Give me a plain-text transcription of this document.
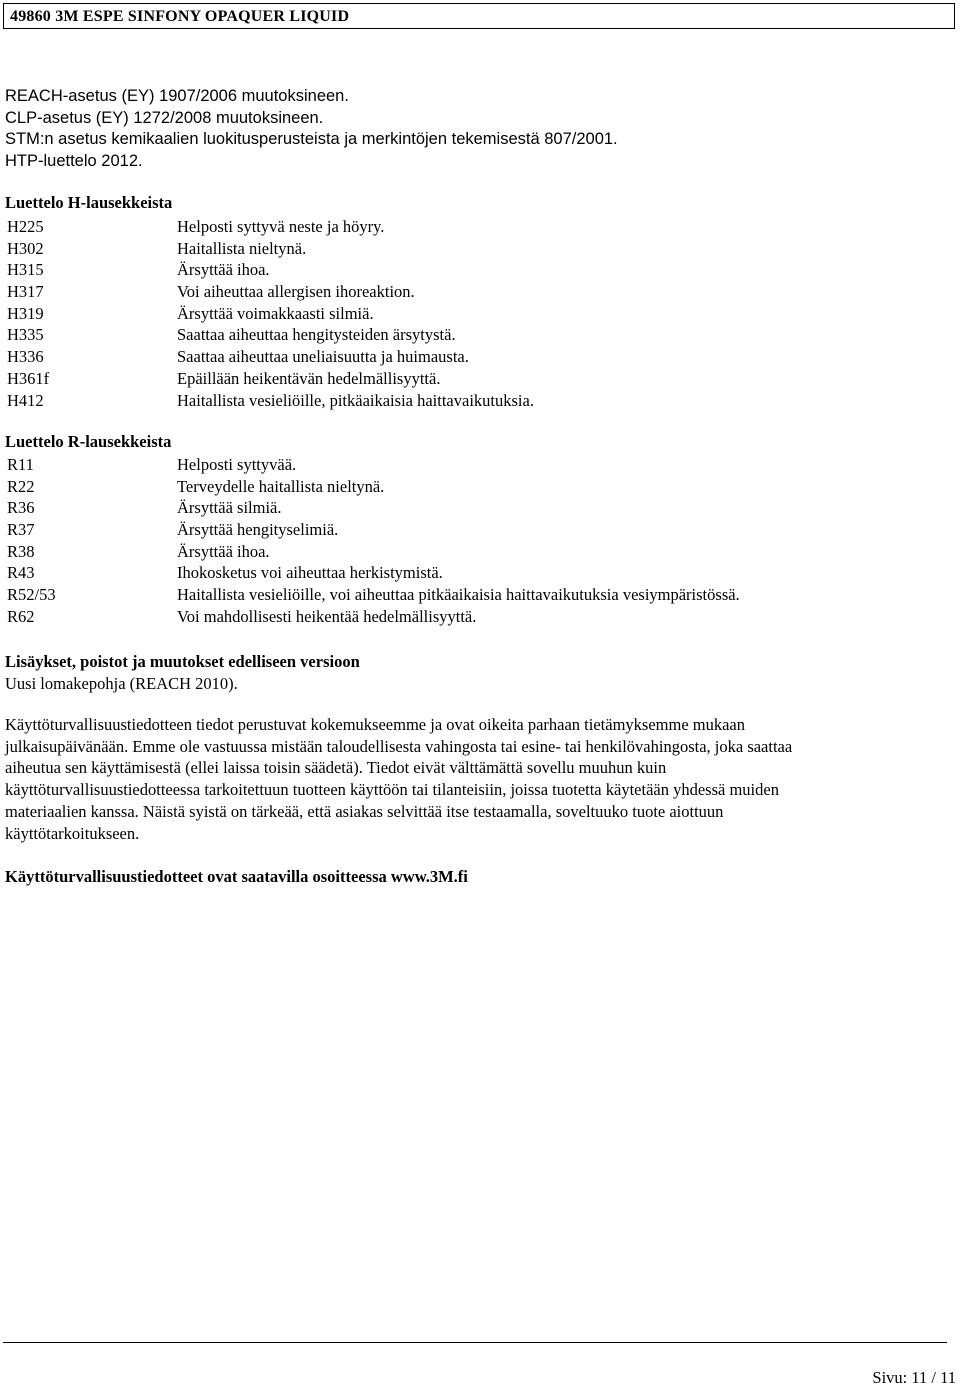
49860 3M ESPE SINFONY OPAQUER LIQUID
REACH-asetus (EY) 1907/2006 muutoksineen.
CLP-asetus (EY) 1272/2008 muutoksineen.
STM:n asetus kemikaalien luokitusperusteista ja merkintöjen tekemisestä 807/2001.
HTP-luettelo 2012.
Luettelo H-lausekkeista
H225	Helposti syttyvä neste ja höyry.
H302	Haitallista nieltynä.
H315	Ärsyttää ihoa.
H317	Voi aiheuttaa allergisen ihoreaktion.
H319	Ärsyttää voimakkaasti silmiä.
H335	Saattaa aiheuttaa hengitysteiden ärsytystä.
H336	Saattaa aiheuttaa uneliaisuutta ja huimausta.
H361f	Epäillään heikentävän hedelmällisyyttä.
H412	Haitallista vesieliöille, pitkäaikaisia haittavaikutuksia.
Luettelo R-lausekkeista
R11	Helposti syttyvää.
R22	Terveydelle haitallista nieltynä.
R36	Ärsyttää silmiä.
R37	Ärsyttää hengityselimiä.
R38	Ärsyttää ihoa.
R43	Ihokosketus voi aiheuttaa herkistymistä.
R52/53	Haitallista vesieliöille, voi aiheuttaa pitkäaikaisia haittavaikutuksia vesiympäristössä.
R62	Voi mahdollisesti heikentää hedelmällisyyttä.
Lisäykset, poistot ja muutokset edelliseen versioon
Uusi lomakepohja (REACH 2010).
Käyttöturvallisuustiedotteen tiedot perustuvat kokemukseemme ja ovat oikeita parhaan tietämyksemme mukaan
julkaisupäivänään. Emme ole vastuussa mistään taloudellisesta vahingosta tai esine- tai henkilövahingosta, joka saattaa
aiheutua sen käyttämisestä (ellei laissa toisin säädetä). Tiedot eivät välttämättä sovellu muuhun kuin
käyttöturvallisuustiedotteessa tarkoitettuun tuotteen käyttöön tai tilanteisiin, joissa tuotetta käytetään yhdessä muiden
materiaalien kanssa. Näistä syistä on tärkeää, että asiakas selvittää itse testaamalla, soveltuuko tuote aiottuun
käyttötarkoitukseen.
Käyttöturvallisuustiedotteet ovat saatavilla osoitteessa www.3M.fi
Sivu: 11 / 11
